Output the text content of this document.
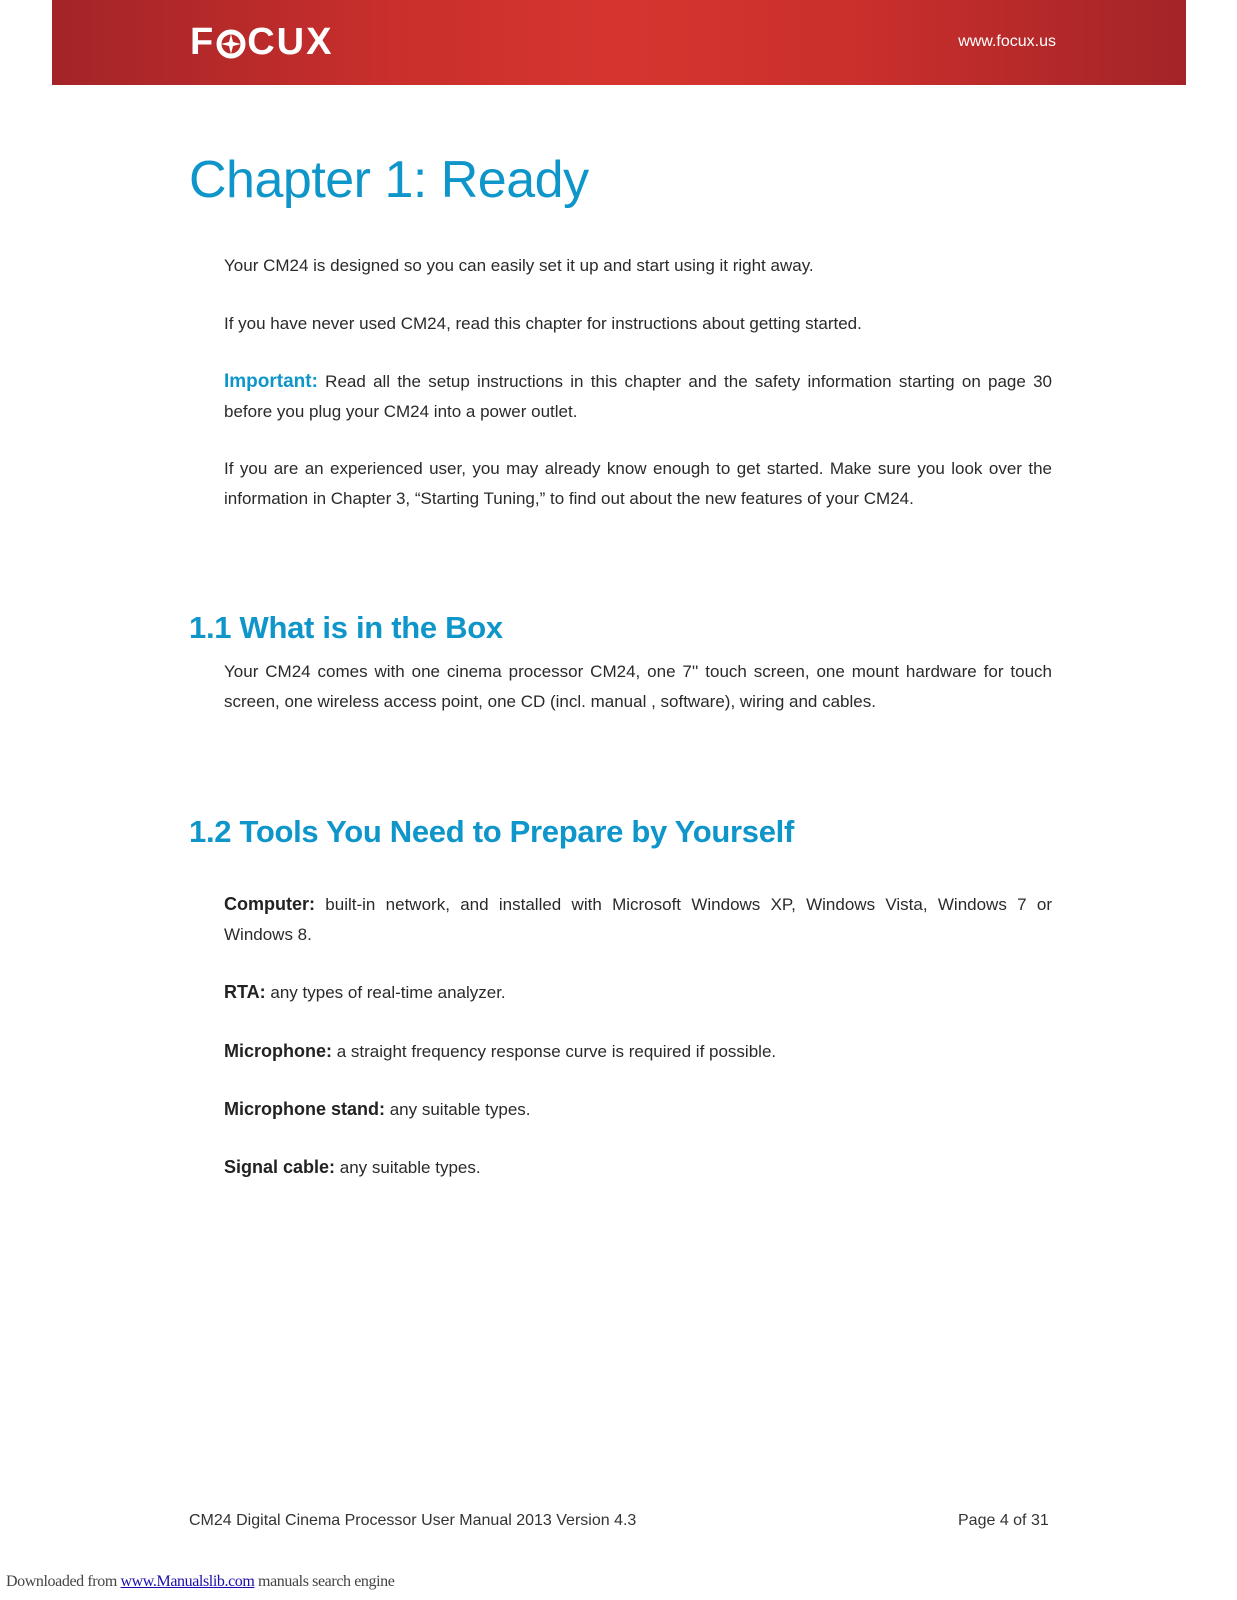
F CUX	www.focux.us
Chapter 1: Ready

Your CM24 is designed so you can easily set it up and start using it right away.

If you have never used CM24, read this chapter for instructions about getting started.

Important: Read all the setup instructions in this chapter and the safety information starting on page 30 before you plug your CM24 into a power outlet.

If you are an experienced user, you may already know enough to get started. Make sure you look over the information in Chapter 3, “Starting Tuning,” to find out about the new features of your CM24.

1.1 What is in the Box

Your CM24 comes with one cinema processor CM24, one 7'' touch screen, one mount hardware for touch screen, one wireless access point, one CD (incl. manual , software), wiring and cables.

1.2 Tools You Need to Prepare by Yourself

Computer: built-in network, and installed with Microsoft Windows XP, Windows Vista, Windows 7 or Windows 8.

RTA: any types of real-time analyzer.

Microphone: a straight frequency response curve is required if possible.

Microphone stand: any suitable types.

Signal cable: any suitable types.

CM24 Digital Cinema Processor User Manual 2013 Version 4.3	Page 4 of 31
Downloaded from www.Manualslib.com manuals search engine
